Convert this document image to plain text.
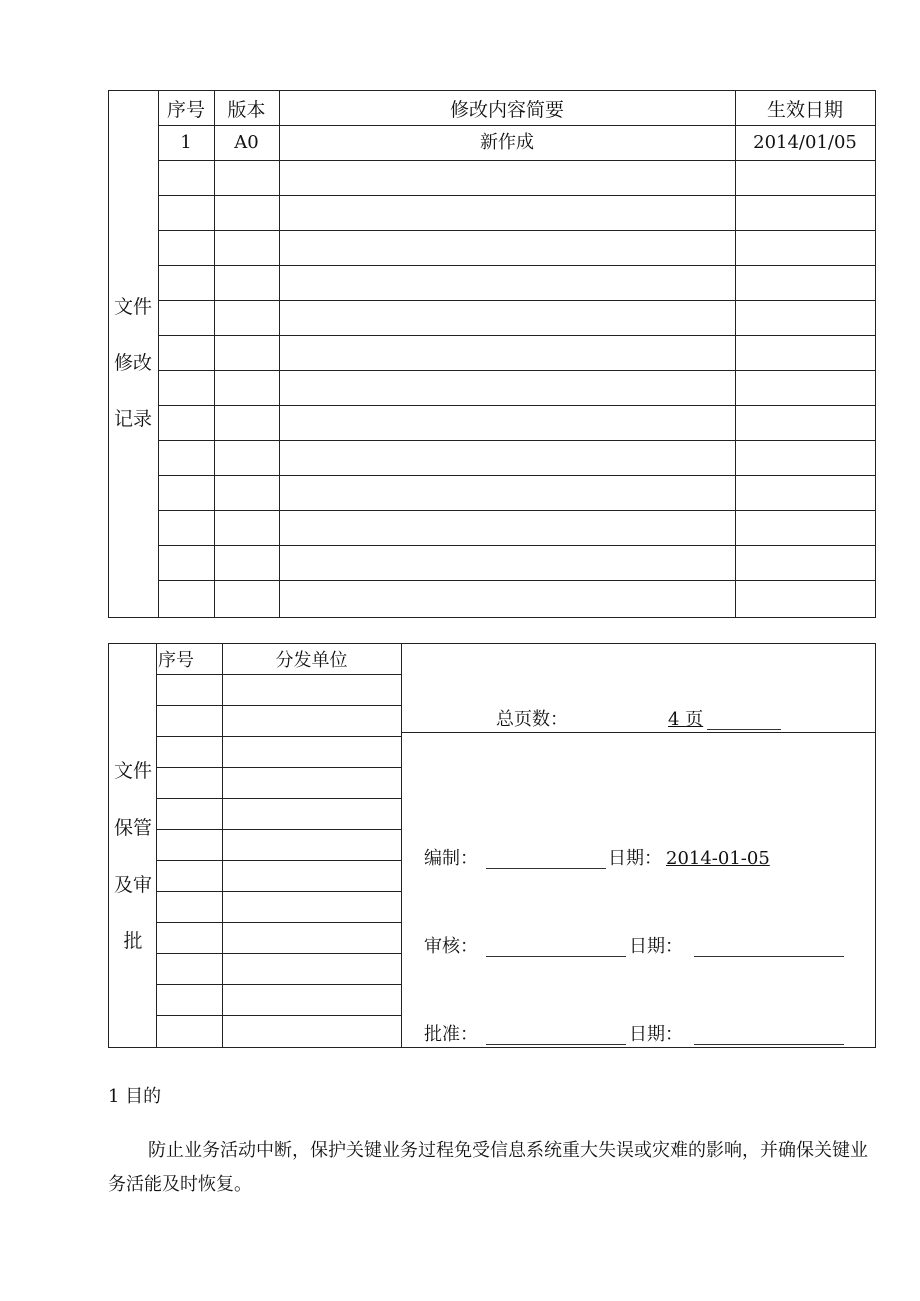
文件
修改
记录
序号	版本	修改内容简要	生效日期
1	A0	新作成	2014/01/05
文件
保管
及审
批
序号	分发单位
总页数：	4 页
编制：	日期： 2014-01-05
审核：	日期：
批准：	日期：
1 目的
防止业务活动中断，保护关键业务过程免受信息系统重大失误或灾难的影响，并确保关键业务活能及时恢复。
